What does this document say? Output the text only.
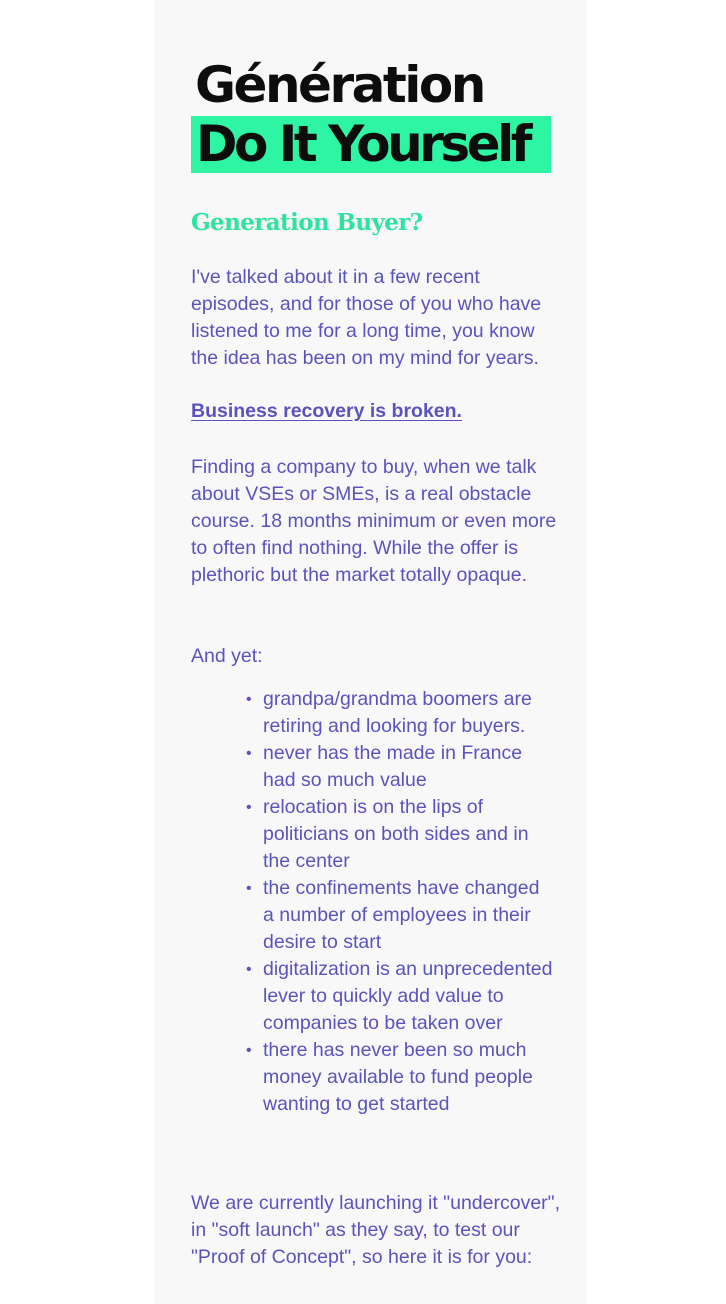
Génération
Do It Yourself
Generation Buyer?

I've talked about it in a few recent episodes, and for those of you who have listened to me for a long time, you know the idea has been on my mind for years.

Business recovery is broken.

Finding a company to buy, when we talk about VSEs or SMEs, is a real obstacle course. 18 months minimum or even more to often find nothing. While the offer is plethoric but the market totally opaque.

And yet:

• grandpa/grandma boomers are retiring and looking for buyers.
• never has the made in France had so much value
• relocation is on the lips of politicians on both sides and in the center
• the confinements have changed a number of employees in their desire to start
• digitalization is an unprecedented lever to quickly add value to companies to be taken over
• there has never been so much money available to fund people wanting to get started

We are currently launching it "undercover", in "soft launch" as they say, to test our "Proof of Concept", so here it is for you:
